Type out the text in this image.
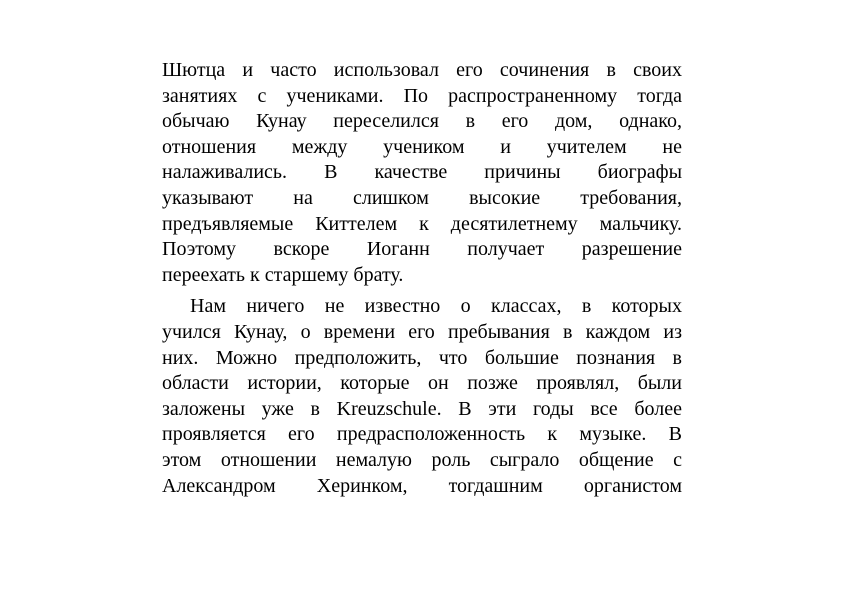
Шютца и часто использовал его сочинения в своих
занятиях с учениками. По распространенному тогда
обычаю Кунау переселился в его дом, однако,
отношения между учеником и учителем не
налаживались. В качестве причины биографы
указывают на слишком высокие требования,
предъявляемые Киттелем к десятилетнему мальчику.
Поэтому вскоре Иоганн получает разрешение
переехать к старшему брату.
Нам ничего не известно о классах, в которых
учился Кунау, о времени его пребывания в каждом из
них. Можно предположить, что большие познания в
области истории, которые он позже проявлял, были
заложены уже в Kreuzschule. В эти годы все более
проявляется его предрасположенность к музыке. В
этом отношении немалую роль сыграло общение с
Александром Херинком, тогдашним органистом
